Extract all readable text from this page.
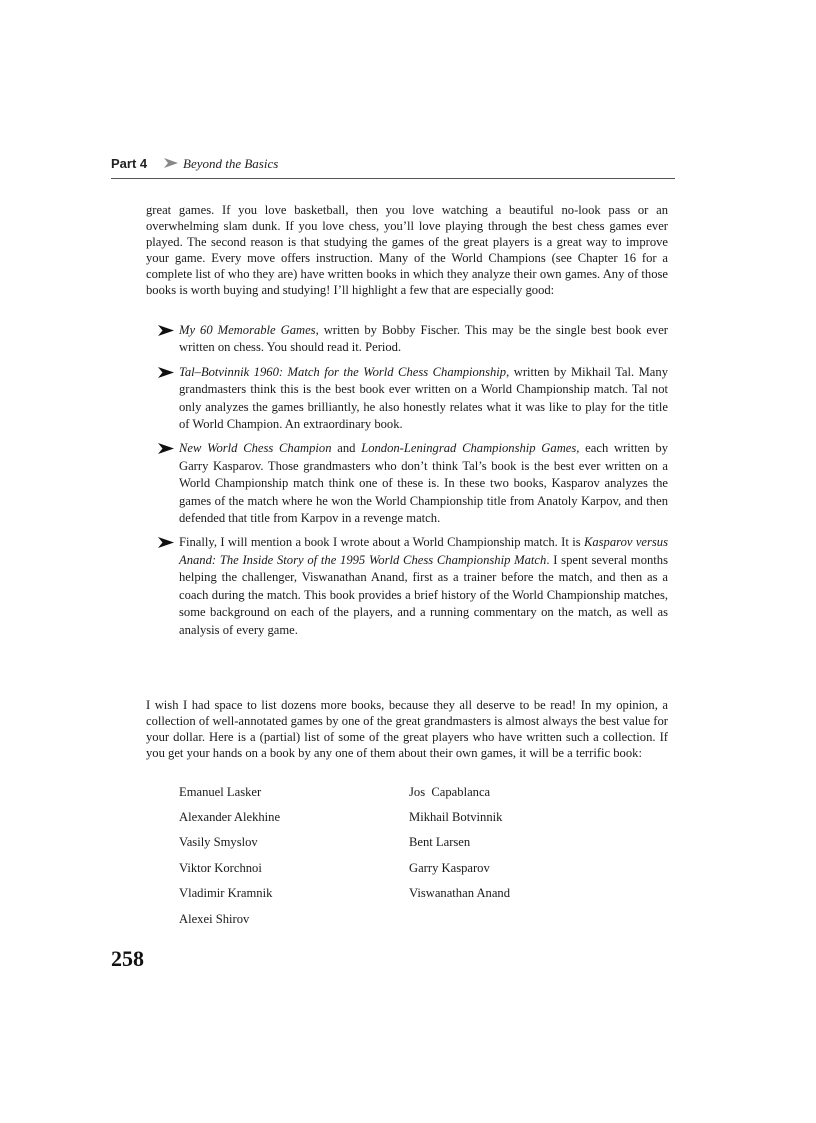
Part 4	Beyond the Basics

great games. If you love basketball, then you love watching a beautiful no-look pass or an overwhelming slam dunk. If you love chess, you’ll love playing through the best chess games ever played. The second reason is that studying the games of the great players is a great way to improve your game. Every move offers instruction. Many of the World Champions (see Chapter 16 for a complete list of who they are) have written books in which they analyze their own games. Any of those books is worth buying and studying! I’ll highlight a few that are especially good:

My 60 Memorable Games, written by Bobby Fischer. This may be the single best book ever written on chess. You should read it. Period.
Tal–Botvinnik 1960: Match for the World Chess Championship, written by Mikhail Tal. Many grandmasters think this is the best book ever written on a World Championship match. Tal not only analyzes the games brilliantly, he also honestly relates what it was like to play for the title of World Champion. An extraordinary book.
New World Chess Champion and London-Leningrad Championship Games, each written by Garry Kasparov. Those grandmasters who don’t think Tal’s book is the best ever written on a World Championship match think one of these is. In these two books, Kasparov analyzes the games of the match where he won the World Championship title from Anatoly Karpov, and then defended that title from Karpov in a revenge match.
Finally, I will mention a book I wrote about a World Championship match. It is Kasparov versus Anand: The Inside Story of the 1995 World Chess Championship Match. I spent several months helping the challenger, Viswanathan Anand, first as a trainer before the match, and then as a coach during the match. This book provides a brief history of the World Championship matches, some background on each of the players, and a running commentary on the match, as well as analysis of every game.

I wish I had space to list dozens more books, because they all deserve to be read! In my opinion, a collection of well-annotated games by one of the great grandmasters is almost always the best value for your dollar. Here is a (partial) list of some of the great players who have written such a collection. If you get your hands on a book by any one of them about their own games, it will be a terrific book:

Emanuel Lasker	Jos  Capablanca
Alexander Alekhine	Mikhail Botvinnik
Vasily Smyslov	Bent Larsen
Viktor Korchnoi	Garry Kasparov
Vladimir Kramnik	Viswanathan Anand
Alexei Shirov
258
